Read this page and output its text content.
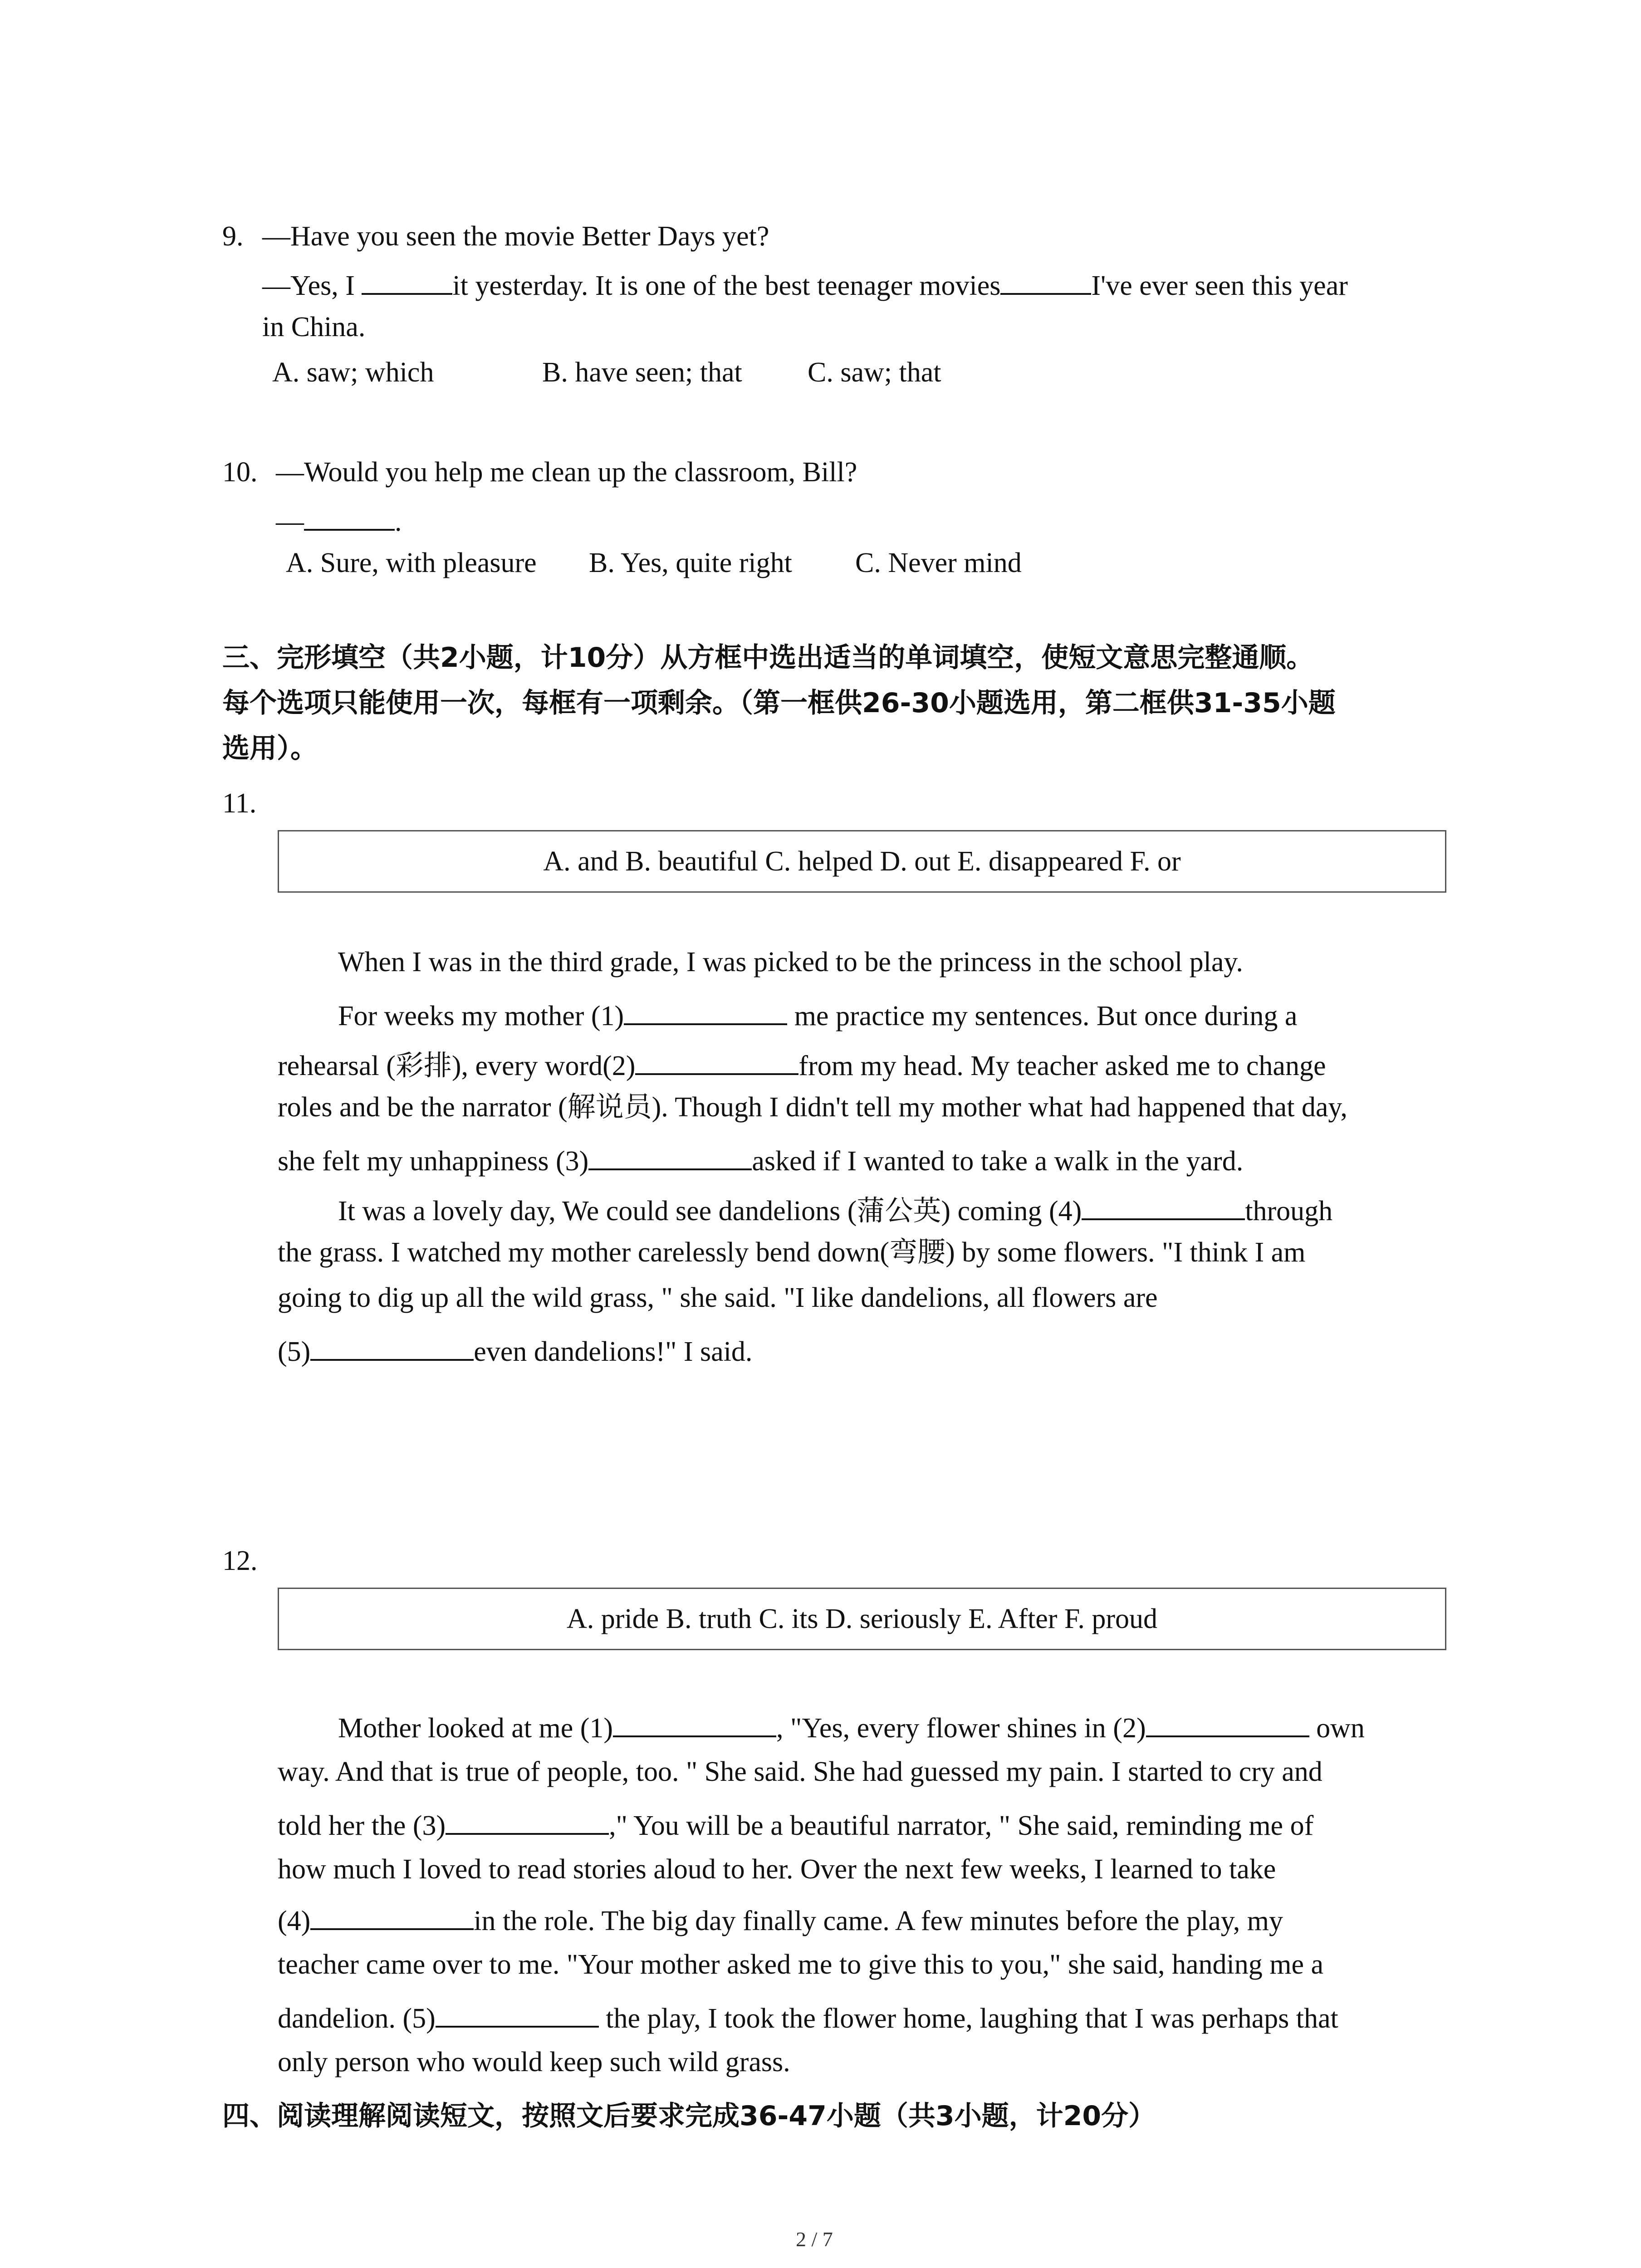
9. —Have you seen the movie Better Days yet?
—Yes, I	it yesterday. It is one of the best teenager movies	I've ever seen this year
in China.
A. saw; which	B. have seen; that C. saw; that
10. —Would you help me clean up the classroom, Bill?
—	.
A. Sure, with pleasure B. Yes, quite right C. Never mind
三、完形填空（共2小题，计10分）从方框中选出适当的单词填空，使短文意思完整通顺。
每个选项只能使用一次，每框有一项剩余。（第一框供26-30小题选用，第二框供31-35小题
选用）。
11.
A. and B. beautiful C. helped D. out E. disappeared F. or
When I was in the third grade, I was picked to be the princess in the school play.
For weeks my mother (1)	me practice my sentences. But once during a
rehearsal (彩排), every word(2)	from my head. My teacher asked me to change
roles and be the narrator (解说员). Though I didn't tell my mother what had happened that day,
she felt my unhappiness (3)	asked if I wanted to take a walk in the yard.
It was a lovely day, We could see dandelions (蒲公英) coming (4)	through
the grass. I watched my mother carelessly bend down(弯腰) by some flowers. "I think I am
going to dig up all the wild grass, " she said. "I like dandelions, all flowers are
(5)	even dandelions!" I said.
12.
A. pride B. truth C. its D. seriously E. After F. proud
Mother looked at me (1)	, "Yes, every flower shines in (2)	own
way. And that is true of people, too. " She said. She had guessed my pain. I started to cry and
told her the (3)	," You will be a beautiful narrator, " She said, reminding me of
how much I loved to read stories aloud to her. Over the next few weeks, I learned to take
(4)	in the role. The big day finally came. A few minutes before the play, my
teacher came over to me. "Your mother asked me to give this to you," she said, handing me a
dandelion. (5)	the play, I took the flower home, laughing that I was perhaps that
only person who would keep such wild grass.
四、阅读理解阅读短文，按照文后要求完成36-47小题（共3小题，计20分）
2 / 7
